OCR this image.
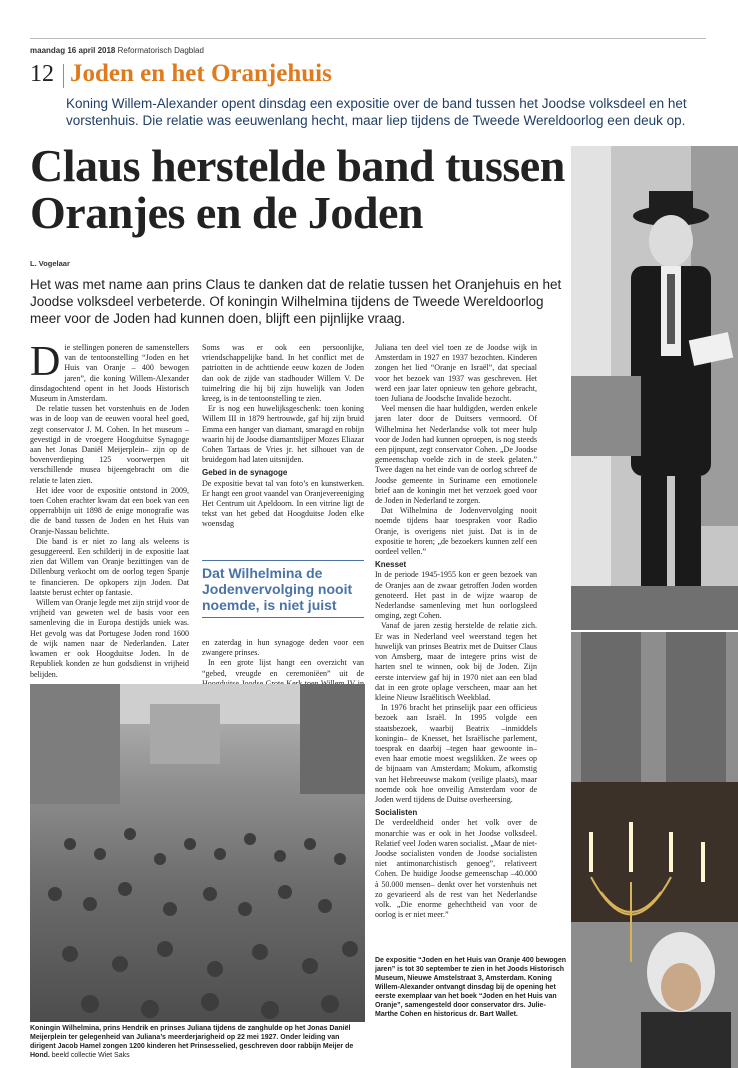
maandag 16 april 2018 Reformatorisch Dagblad
12 Joden en het Oranjehuis
Koning Willem-Alexander opent dinsdag een expositie over de band tussen het Joodse volksdeel en het vorstenhuis. Die relatie was eeuwenlang hecht, maar liep tijdens de Tweede Wereldoorlog een deuk op.
Claus herstelde band tussen Oranjes en de Joden
L. Vogelaar
Het was met name aan prins Claus te danken dat de relatie tussen het Oranjehuis en het Joodse volksdeel verbeterde. Of koningin Wilhelmina tijdens de Tweede Wereldoorlog meer voor de Joden had kunnen doen, blijft een pijnlijke vraag.

Die stellingen poneren de samenstellers van de tentoonstelling “Joden en het Huis van Oranje – 400 bewogen jaren”, die koning Willem-Alexander dinsdagochtend opent in het Joods Historisch Museum in Amsterdam.

De relatie tussen het vorstenhuis en de Joden was in de loop van de eeuwen vooral heel goed, zegt conservator J. M. Cohen. In het museum –gevestigd in de vroegere Hoogduitse Synagoge aan het Jonas Daniël Meijerplein– zijn op de bovenverdieping 125 voorwerpen uit verschillende musea bijeengebracht om die relatie te laten zien.

Het idee voor de expositie ontstond in 2009, toen Cohen erachter kwam dat een boek van een opperrabbijn uit 1898 de enige monografie was die de band tussen de Joden en het Huis van Oranje-Nassau belichtte.

Die band is er niet zo lang als weleens is gesuggereerd. Een schilderij in de expositie laat zien dat Willem van Oranje bezittingen van de Dillenburg verkocht om de oorlog tegen Spanje te financieren. De opkopers zijn Joden. Dat laatste berust echter op fantasie.

Willem van Oranje legde met zijn strijd voor de vrijheid van geweten wel de basis voor een samenleving die in Europa destijds uniek was. Het gevolg was dat Portugese Joden rond 1600 de wijk namen naar de Nederlanden. Later kwamen er ook Hoogduitse Joden. In de Republiek konden ze hun godsdienst in vrijheid belijden.

Soms was er ook een persoonlijke, vriendschappelijke band. In het conflict met de patriotten in de achttiende eeuw kozen de Joden dan ook de zijde van stadhouder Willem V. De tuimelring die hij bij zijn huwelijk van Joden kreeg, is in de tentoonstelling te zien.

Er is nog een huwelijksgeschenk: toen koning Willem III in 1879 hertrouwde, gaf hij zijn bruid Emma een hanger van diamant, smaragd en robijn waarin hij de Joodse diamantslijper Mozes Eliazar Cohen Tartaas de Vries jr. het silhouet van de bruidegom had laten uitsnijden.

Gebed in de synagoge

De expositie bevat tal van foto’s en kunstwerken. Er hangt een groot vaandel van Oranjevereeniging Het Centrum uit Apeldoorn. In een vitrine ligt de tekst van het gebed dat Hoogduitse Joden elke woensdag

Dat Wilhelmina de Jodenvervolging nooit noemde, is niet juist

en zaterdag in hun synagoge deden voor een zwangere prinses.

In een grote lijst hangt een overzicht van “gebed, vreugde en ceremoniëen” uit de

Juliana ten deel viel toen ze de Joodse wijk in Amsterdam in 1927 en 1937 bezochten. Kinderen zongen het lied “Oranje en Israël”, dat speciaal voor het bezoek van 1937 was geschreven. Het werd een jaar later opnieuw ten gehore gebracht, toen Juliana de Joodsche Invalide bezocht.

Veel mensen die haar huldigden, werden enkele jaren later door de Duitsers vermoord. Of Wilhelmina het Nederlandse volk tot meer hulp voor de Joden had kunnen oproepen, is nog steeds een pijnpunt, zegt conservator Cohen. „De Joodse gemeenschap voelde zich in de steek gelaten.” Twee dagen na het einde van de oorlog schreef de Joodse gemeente in Suriname een emotionele brief aan de koningin met het verzoek goed voor de Joden in Nederland te zorgen.

Dat Wilhelmina de Jodenvervolging nooit noemde tijdens haar toespraken voor Radio Oranje, is overigens niet juist. Dat is in de expositie te horen; „de bezoekers kunnen zelf een oordeel vellen.”

Knesset

In de periode 1945-1955 kon er geen bezoek van de Oranjes aan de zwaar getroffen Joden worden genoteerd. Het past in de wijze waarop de Nederlandse samenleving met hun oorlogsleed omging, zegt Cohen.

Vanaf de jaren zestig herstelde de relatie zich. Er was in Nederland veel weerstand tegen het huwelijk van prinses Beatrix met de Duitser Claus von Amsberg, maar de integere prins wist de harten snel te winnen, ook bij de Joden. Zijn eerste interview gaf hij in 1970 niet aan een blad dat in een grote oplage verscheen, maar aan het kleine Nieuw Israëlitisch Weekblad.

In 1976 bracht het prinselijk paar een officieus bezoek aan Israël. In 1995 volgde een staatsbezoek, waarbij Beatrix –inmiddels koningin– de Knesset, het Israëlische parlement, toesprak en daarbij –tegen haar gewoonte in– even haar emotie moest wegslikken. Ze wees op de bijnaam van Amsterdam; Mokum, afkomstig van het Hebreeuwse makom (veilige plaats), maar noemde ook hoe onveilig Amsterdam voor de Joden werd tijdens de Duitse overheersing.

Socialisten

De verdeeldheid onder het volk over de monarchie was er ook in het Joodse volksdeel. Relatief veel Joden waren socialist. „Maar de niet-Joodse socialisten vonden de Joodse socialisten niet antimonarchistisch genoeg”, relativeert Cohen. De huidige Joodse gemeenschap –40.000 à 50.000 mensen– denkt over het vorstenhuis net zo gevarieerd als de rest van het Nederlandse volk. „Die enorme gehechtheid van voor de oorlog is er niet meer.”

Koningin Wilhelmina, prins Hendrik en prinses Juliana tijdens de zanghulde op het Jonas Daniël Meijerplein ter gelegenheid van Juliana’s meerderjarigheid op 22 mei 1927. Onder leiding van dirigent Jacob Hamel zongen 1200 kinderen het Prinsesselied, geschreven door rabbijn Meijer de Hond. beeld collectie Wiet Saks
De expositie “Joden en het Huis van Oranje 400 bewogen jaren” is tot 30 september te zien in het Joods Historisch Museum, Nieuwe Amstelstraat 3, Amsterdam. Koning Willem-Alexander ontvangt dinsdag bij de opening het eerste exemplaar van het boek “Joden en het Huis van Oranje”, samengesteld door conservator drs. Julie-Marthe Cohen en historicus dr. Bart Wallet.
